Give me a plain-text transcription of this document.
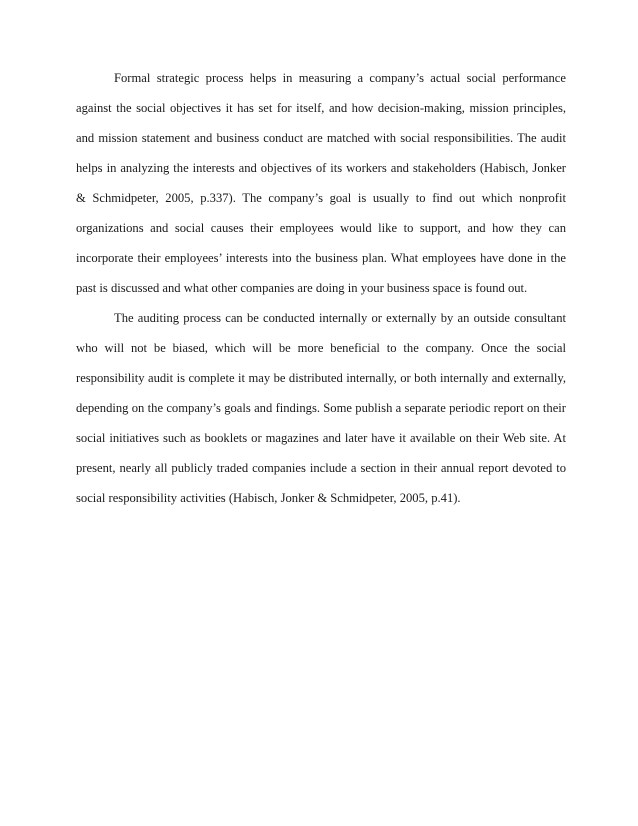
Formal strategic process helps in measuring a company’s actual social performance
against the social objectives it has set for itself, and how decision-making, mission principles,
and mission statement and business conduct are matched with social responsibilities. The audit
helps in analyzing the interests and objectives of its workers and stakeholders (Habisch, Jonker
& Schmidpeter, 2005, p.337). The company’s goal is usually to find out which nonprofit
organizations and social causes their employees would like to support, and how they can
incorporate their employees’ interests into the business plan. What employees have done in the
past is discussed and what other companies are doing in your business space is found out.
The auditing process can be conducted internally or externally by an outside consultant
who will not be biased, which will be more beneficial to the company. Once the social
responsibility audit is complete it may be distributed internally, or both internally and externally,
depending on the company’s goals and findings. Some publish a separate periodic report on their
social initiatives such as booklets or magazines and later have it available on their Web site. At
present, nearly all publicly traded companies include a section in their annual report devoted to
social responsibility activities (Habisch, Jonker & Schmidpeter, 2005, p.41).
